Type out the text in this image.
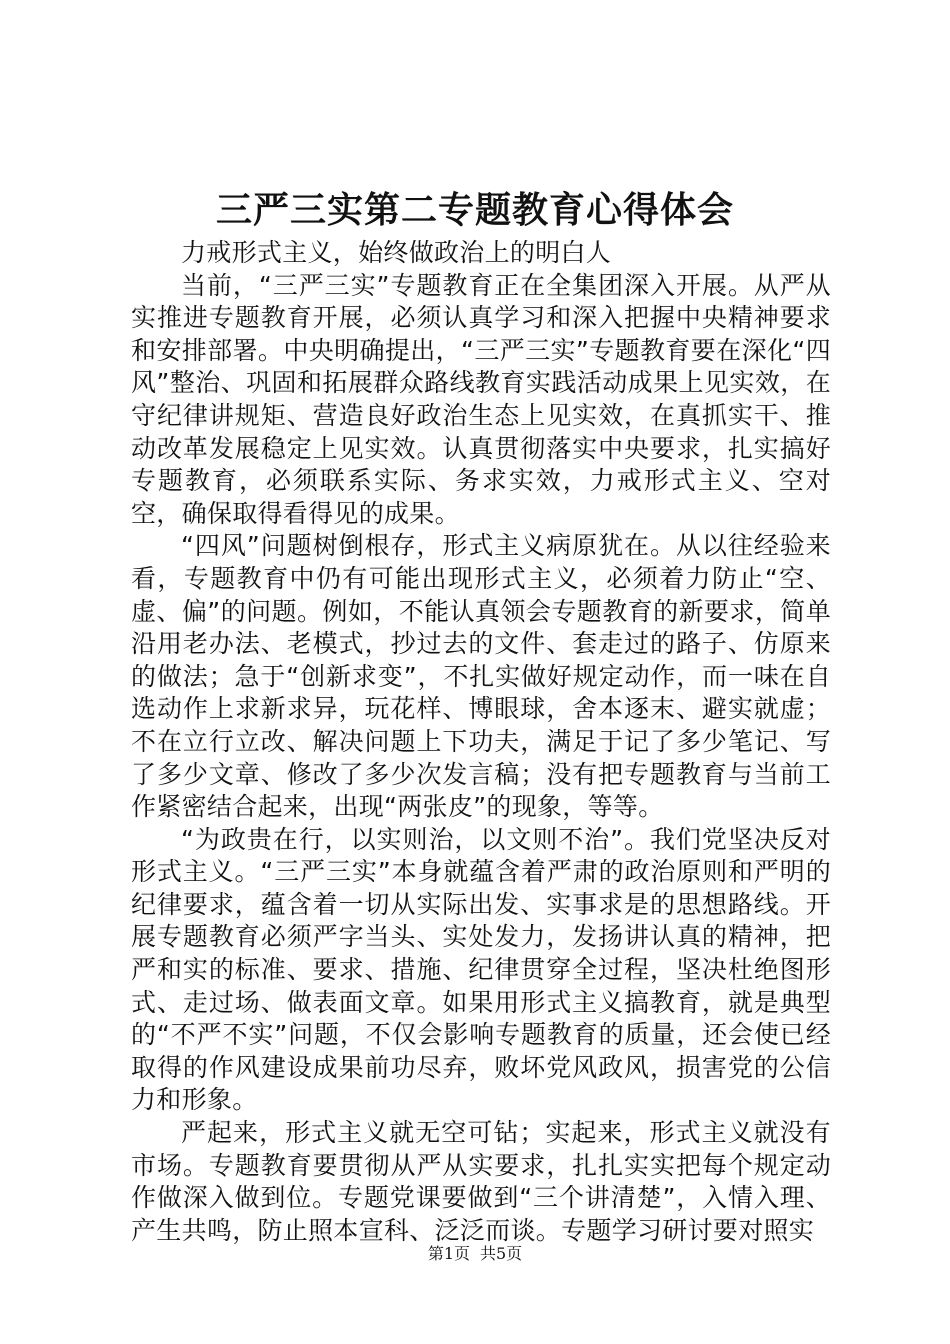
三严三实第二专题教育心得体会

力戒形式主义，始终做政治上的明白人

当前，“三严三实”专题教育正在全集团深入开展。从严从实推进专题教育开展，必须认真学习和深入把握中央精神要求和安排部署。中央明确提出，“三严三实”专题教育要在深化“四风”整治、巩固和拓展群众路线教育实践活动成果上见实效，在守纪律讲规矩、营造良好政治生态上见实效，在真抓实干、推动改革发展稳定上见实效。认真贯彻落实中央要求，扎实搞好专题教育，必须联系实际、务求实效，力戒形式主义、空对空，确保取得看得见的成果。

“四风”问题树倒根存，形式主义病原犹在。从以往经验来看，专题教育中仍有可能出现形式主义，必须着力防止“空、虚、偏”的问题。例如，不能认真领会专题教育的新要求，简单沿用老办法、老模式，抄过去的文件、套走过的路子、仿原来的做法；急于“创新求变”，不扎实做好规定动作，而一味在自选动作上求新求异，玩花样、博眼球，舍本逐末、避实就虚；不在立行立改、解决问题上下功夫，满足于记了多少笔记、写了多少文章、修改了多少次发言稿；没有把专题教育与当前工作紧密结合起来，出现“两张皮”的现象，等等。

“为政贵在行，以实则治，以文则不治”。我们党坚决反对形式主义。“三严三实”本身就蕴含着严肃的政治原则和严明的纪律要求，蕴含着一切从实际出发、实事求是的思想路线。开展专题教育必须严字当头、实处发力，发扬讲认真的精神，把严和实的标准、要求、措施、纪律贯穿全过程，坚决杜绝图形式、走过场、做表面文章。如果用形式主义搞教育，就是典型的“不严不实”问题，不仅会影响专题教育的质量，还会使已经取得的作风建设成果前功尽弃，败坏党风政风，损害党的公信力和形象。

严起来，形式主义就无空可钻；实起来，形式主义就没有市场。专题教育要贯彻从严从实要求，扎扎实实把每个规定动作做深入做到位。专题党课要做到“三个讲清楚”，入情入理、产生共鸣，防止照本宣科、泛泛而谈。专题学习研讨要对照实

第1页 共5页
